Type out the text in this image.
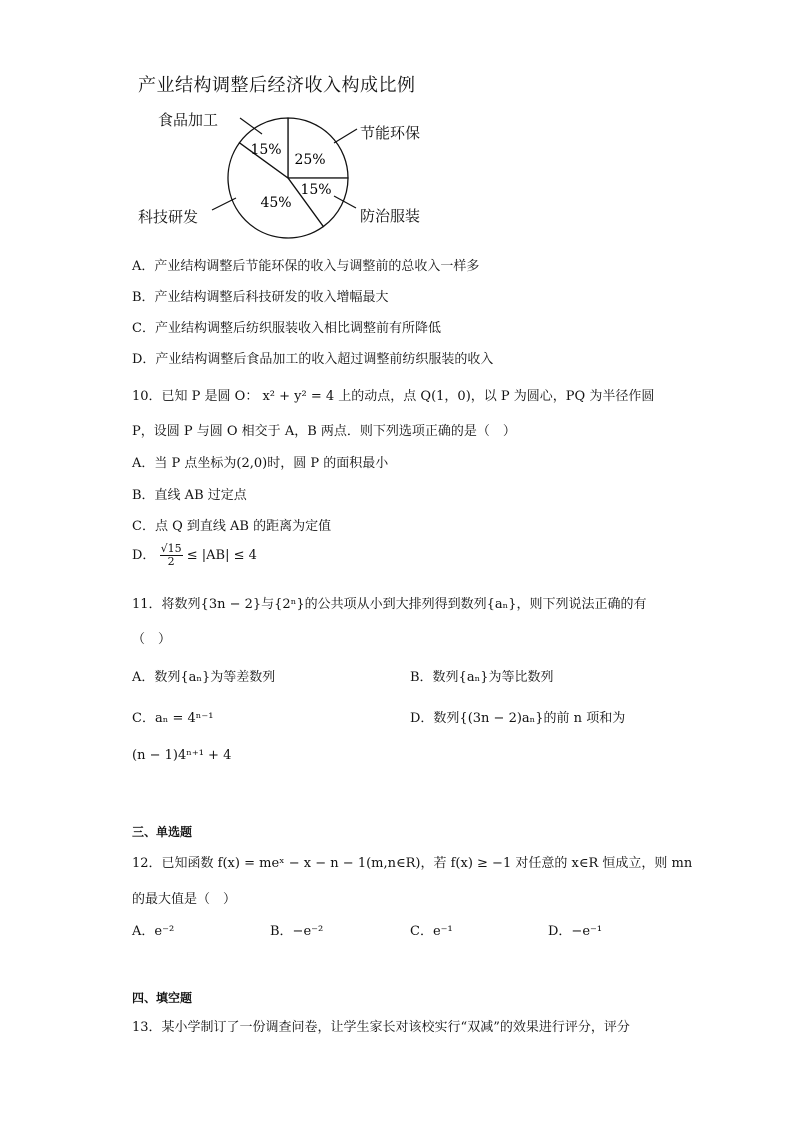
产业结构调整后经济收入构成比例
25%
15%
45%
15%
食品加工
节能环保
科技研发	防治服装
A．产业结构调整后节能环保的收入与调整前的总收入一样多
B．产业结构调整后科技研发的收入增幅最大
C．产业结构调整后纺织服装收入相比调整前有所降低
D．产业结构调整后食品加工的收入超过调整前纺织服装的收入
10．已知 P 是圆 O： x² + y² = 4 上的动点，点 Q(1，0)，以 P 为圆心，PQ 为半径作圆
P，设圆 P 与圆 O 相交于 A，B 两点．则下列选项正确的是（　）
A．当 P 点坐标为(2,0)时，圆 P 的面积最小
B．直线 AB 过定点
C．点 Q 到直线 AB 的距离为定值
D． $\frac{√15}{2} \le |AB| \le 4$
11．将数列{3n − 2}与{2ⁿ}的公共项从小到大排列得到数列{aₙ}，则下列说法正确的有
（　）
A．数列{aₙ}为等差数列	B．数列{aₙ}为等比数列
C．aₙ = 4ⁿ⁻¹	D．数列{(3n − 2)aₙ}的前 n 项和为
(n − 1)4ⁿ⁺¹ + 4
三、单选题
12．已知函数 f(x) = meˣ − x − n − 1(m,n∈R)，若 f(x) ≥ −1 对任意的 x∈R 恒成立，则 mn
的最大值是（　）
A．e⁻²	B．−e⁻²	C．e⁻¹	D．−e⁻¹
四、填空题
13．某小学制订了一份调查问卷，让学生家长对该校实行“双减”的效果进行评分，评分
